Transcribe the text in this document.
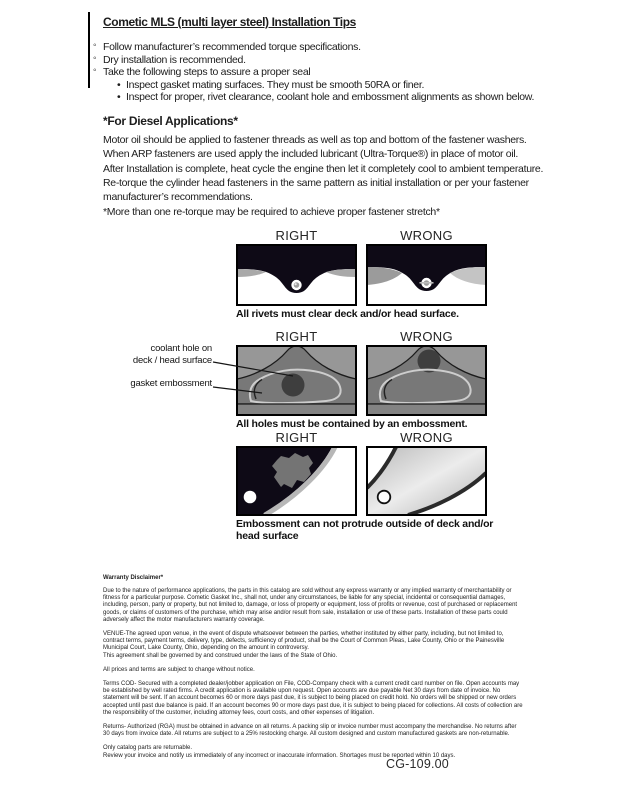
Cometic MLS (multi layer steel) Installation Tips
◦ Follow manufacturer’s recommended torque specifications.
◦ Dry installation is recommended.
◦ Take the following steps to assure a proper seal
• Inspect gasket mating surfaces. They must be smooth 50RA or finer.
• Inspect for proper, rivet clearance, coolant hole and embossment alignments as shown below.
*For Diesel Applications*

Motor oil should be applied to fastener threads as well as top and bottom of the fastener washers. When ARP fasteners are used apply the included lubricant (Ultra-Torque®) in place of motor oil.

After Installation is complete, heat cycle the engine then let it completely cool to ambient temperature. Re-torque the cylinder head fasteners in the same pattern as initial installation or per your fastener manufacturer’s recommendations.

*More than one re-torque may be required to achieve proper fastener stretch*

RIGHT	WRONG
All rivets must clear deck and/or head surface.
RIGHT	WRONG
All holes must be contained by an embossment.
coolant hole on
deck / head surface
gasket embossment
RIGHT	WRONG
Embossment can not protrude outside of deck and/or head surface
Warranty Disclaimer*

Due to the nature of performance applications, the parts in this catalog are sold without any express warranty or any implied warranty of merchantability or fitness for a particular purpose. Cometic Gasket Inc., shall not, under any circumstances, be liable for any special, incidental or consequential damages, including, person, party or property, but not limited to, damage, or loss of property or equipment, loss of profits or revenue, cost of purchased or replacement goods, or claims of customers of the purchase, which may arise and/or result from sale, installation or use of these parts. Installation of these parts could adversely affect the motor manufacturers warranty coverage.

VENUE-The agreed upon venue, in the event of dispute whatsoever between the parties, whether instituted by either party, including, but not limited to, contract terms, payment terms, delivery, type, defects, sufficiency of product, shall be the Court of Common Pleas, Lake County, Ohio or the Painesville Municipal Court, Lake County, Ohio, depending on the amount in controversy.

This agreement shall be governed by and construed under the laws of the State of Ohio.

All prices and terms are subject to change without notice.

Terms COD- Secured with a completed dealer/jobber application on File, COD-Company check with a current credit card number on file. Open accounts may be established by well rated firms. A credit application is available upon request. Open accounts are due payable Net 30 days from date of invoice. No statement will be sent. If an account becomes 60 or more days past due, it is subject to being placed on credit hold. No orders will be shipped or new orders accepted until past due balance is paid. If an account becomes 90 or more days past due, it is subject to being placed for collections. All costs of collection are the responsibility of the customer, including attorney fees, court costs, and other expenses of litigation.

Returns- Authorized (RGA) must be obtained in advance on all returns. A packing slip or invoice number must accompany the merchandise. No returns after 30 days from invoice date. All returns are subject to a 25% restocking charge. All custom designed and custom manufactured gaskets are non-returnable.

Only catalog parts are returnable.

Review your invoice and notify us immediately of any incorrect or inaccurate information. Shortages must be reported within 10 days.

CG-109.00
